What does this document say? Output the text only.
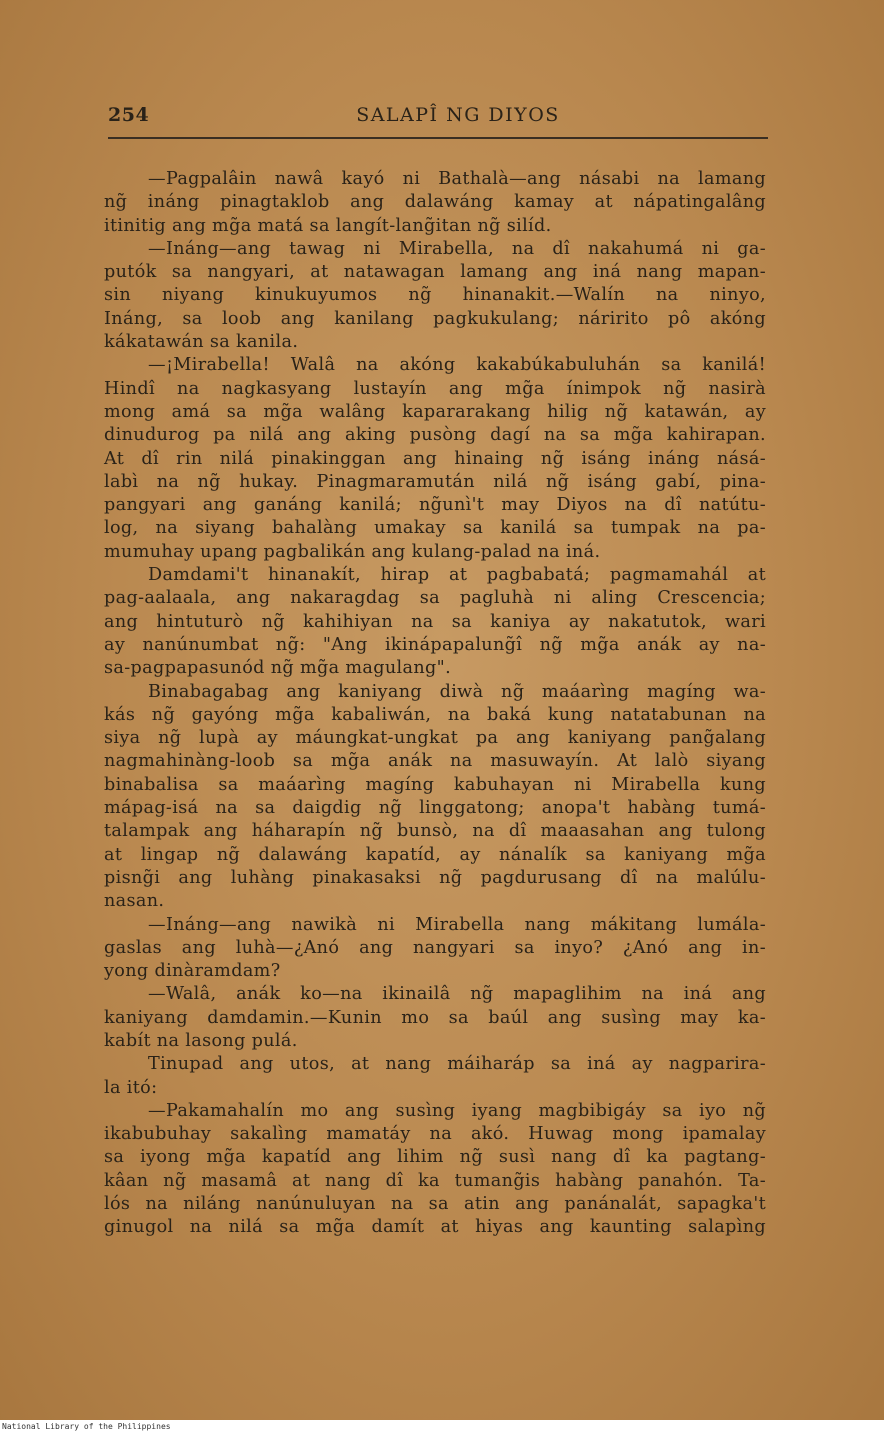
254	SALAPÎ NG DIYOS
—Pagpalâin nawâ kayó ni Bathalà—ang násabi na lamang
ng̃ ináng pinagtaklob ang dalawáng kamay at nápatingalâng
itinitig ang mg̃a matá sa langít-lang̃itan ng̃ silíd.
—Ináng—ang tawag ni Mirabella, na dî nakahumá ni ga-
putók sa nangyari, at natawagan lamang ang iná nang mapan-
sin niyang kinukuyumos ng̃ hinanakit.—Walín na ninyo,
Ináng, sa loob ang kanilang pagkukulang; náririto pô akóng
kákatawán sa kanila.
—¡Mirabella! Walâ na akóng kakabúkabuluhán sa kanilá!
Hindî na nagkasyang lustayín ang mg̃a ínimpok ng̃ nasirà
mong amá sa mg̃a walâng kapararakang hilig ng̃ katawán, ay
dinudurog pa nilá ang aking pusòng dagí na sa mg̃a kahirapan.
At dî rin nilá pinakinggan ang hinaing ng̃ isáng ináng násá-
labì na ng̃ hukay. Pinagmaramután nilá ng̃ isáng gabí, pina-
pangyari ang ganáng kanilá; ng̃unì't may Diyos na dî natútu-
log, na siyang bahalàng umakay sa kanilá sa tumpak na pa-
mumuhay upang pagbalikán ang kulang-palad na iná.
Damdami't hinanakít, hirap at pagbabatá; pagmamahál at
pag-aalaala, ang nakaragdag sa pagluhà ni aling Crescencia;
ang hintuturò ng̃ kahihiyan na sa kaniya ay nakatutok, wari
ay nanúnumbat ng̃: "Ang ikinápapalung̃î ng̃ mg̃a anák ay na-
sa-pagpapasunód ng̃ mg̃a magulang".
Binabagabag ang kaniyang diwà ng̃ maáarìng magíng wa-
kás ng̃ gayóng mg̃a kabaliwán, na baká kung natatabunan na
siya ng̃ lupà ay máungkat-ungkat pa ang kaniyang pang̃alang
nagmahinàng-loob sa mg̃a anák na masuwayín. At lalò siyang
binabalisa sa maáarìng magíng kabuhayan ni Mirabella kung
mápag-isá na sa daigdig ng̃ linggatong; anopa't habàng tumá-
talampak ang háharapín ng̃ bunsò, na dî maaasahan ang tulong
at lingap ng̃ dalawáng kapatíd, ay nánalík sa kaniyang mg̃a
pisng̃i ang luhàng pinakasaksi ng̃ pagdurusang dî na malúlu-
nasan.
—Ináng—ang nawikà ni Mirabella nang mákitang lumála-
gaslas ang luhà—¿Anó ang nangyari sa inyo? ¿Anó ang in-
yong dinàramdam?
—Walâ, anák ko—na ikinailâ ng̃ mapaglihim na iná ang
kaniyang damdamin.—Kunin mo sa baúl ang susìng may ka-
kabít na lasong pulá.
Tinupad ang utos, at nang máiharáp sa iná ay nagparira-
la itó:
—Pakamahalín mo ang susìng iyang magbibigáy sa iyo ng̃
ikabubuhay sakalìng mamatáy na akó. Huwag mong ipamalay
sa iyong mg̃a kapatíd ang lihim ng̃ susì nang dî ka pagtang-
kâan ng̃ masamâ at nang dî ka tumang̃is habàng panahón. Ta-
lós na niláng nanúnuluyan na sa atin ang panánalát, sapagka't
ginugol na nilá sa mg̃a damít at hiyas ang kaunting salapìng
National Library of the Philippines
